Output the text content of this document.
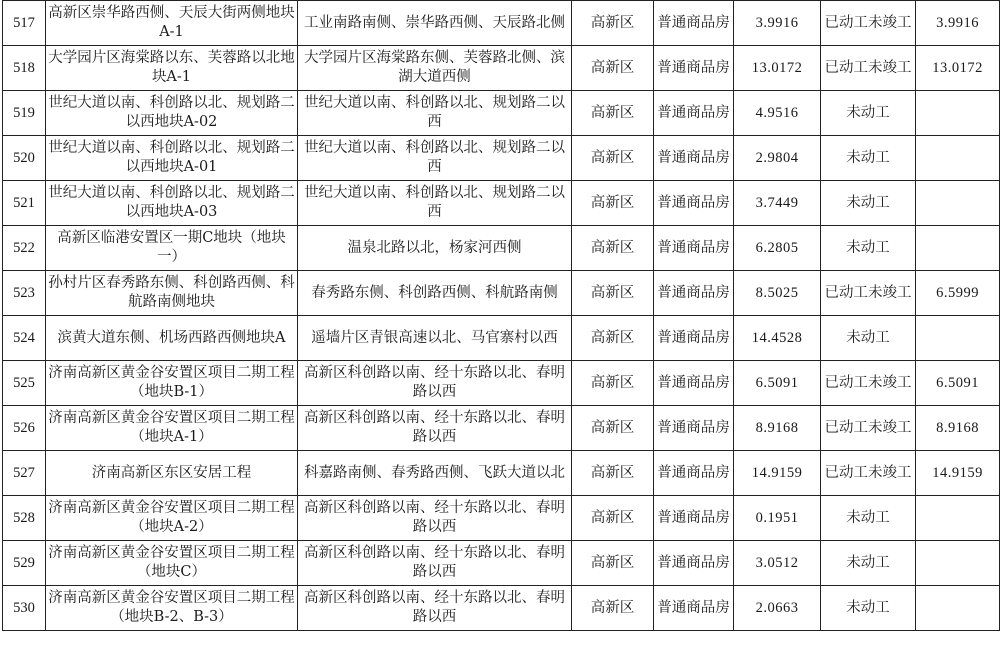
517	高新区崇华路西侧、天辰大街两侧地块A-1	工业南路南侧、崇华路西侧、天辰路北侧	高新区	普通商品房	3.9916	已动工未竣工	3.9916
518	大学园片区海棠路以东、芙蓉路以北地块A-1	大学园片区海棠路东侧、芙蓉路北侧、滨湖大道西侧	高新区	普通商品房	13.0172	已动工未竣工	13.0172
519	世纪大道以南、科创路以北、规划路二以西地块A-02	世纪大道以南、科创路以北、规划路二以西	高新区	普通商品房	4.9516	未动工	
520	世纪大道以南、科创路以北、规划路二以西地块A-01	世纪大道以南、科创路以北、规划路二以西	高新区	普通商品房	2.9804	未动工	
521	世纪大道以南、科创路以北、规划路二以西地块A-03	世纪大道以南、科创路以北、规划路二以西	高新区	普通商品房	3.7449	未动工	
522	高新区临港安置区一期C地块（地块一）	温泉北路以北，杨家河西侧	高新区	普通商品房	6.2805	未动工	
523	孙村片区春秀路东侧、科创路西侧、科航路南侧地块	春秀路东侧、科创路西侧、科航路南侧	高新区	普通商品房	8.5025	已动工未竣工	6.5999
524	滨黄大道东侧、机场西路西侧地块A	遥墙片区青银高速以北、马官寨村以西	高新区	普通商品房	14.4528	未动工	
525	济南高新区黄金谷安置区项目二期工程（地块B-1）	高新区科创路以南、经十东路以北、春明路以西	高新区	普通商品房	6.5091	已动工未竣工	6.5091
526	济南高新区黄金谷安置区项目二期工程（地块A-1）	高新区科创路以南、经十东路以北、春明路以西	高新区	普通商品房	8.9168	已动工未竣工	8.9168
527	济南高新区东区安居工程	科嘉路南侧、春秀路西侧、飞跃大道以北	高新区	普通商品房	14.9159	已动工未竣工	14.9159
528	济南高新区黄金谷安置区项目二期工程（地块A-2）	高新区科创路以南、经十东路以北、春明路以西	高新区	普通商品房	0.1951	未动工	
529	济南高新区黄金谷安置区项目二期工程（地块C）	高新区科创路以南、经十东路以北、春明路以西	高新区	普通商品房	3.0512	未动工	
530	济南高新区黄金谷安置区项目二期工程（地块B-2、B-3）	高新区科创路以南、经十东路以北、春明路以西	高新区	普通商品房	2.0663	未动工	
